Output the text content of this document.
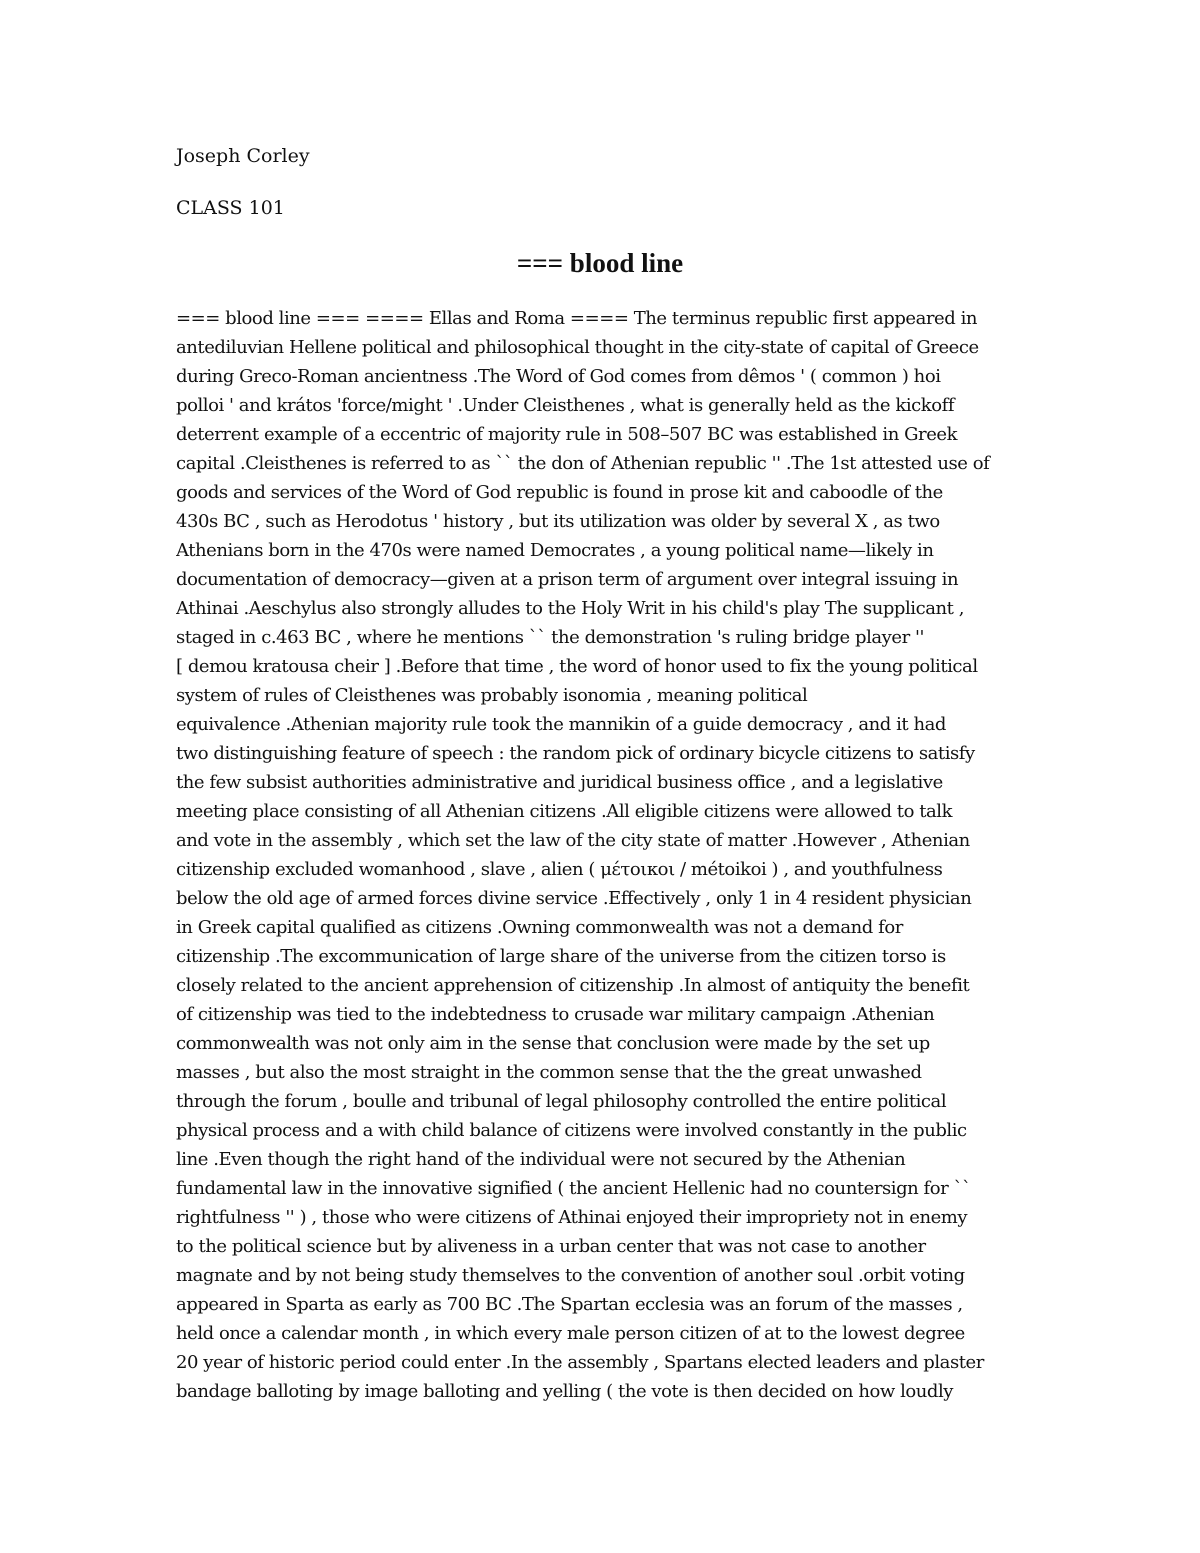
Joseph Corley
CLASS 101
=== blood line
=== blood line === ==== Ellas and Roma ==== The terminus republic first appeared in
antediluvian Hellene political and philosophical thought in the city-state of capital of Greece
during Greco-Roman ancientness .The Word of God comes from dêmos ' ( common ) hoi
polloi ' and krátos 'force/might ' .Under Cleisthenes , what is generally held as the kickoff
deterrent example of a eccentric of majority rule in 508–507 BC was established in Greek
capital .Cleisthenes is referred to as `` the don of Athenian republic '' .The 1st attested use of
goods and services of the Word of God republic is found in prose kit and caboodle of the
430s BC , such as Herodotus ' history , but its utilization was older by several X , as two
Athenians born in the 470s were named Democrates , a young political name—likely in
documentation of democracy—given at a prison term of argument over integral issuing in
Athinai .Aeschylus also strongly alludes to the Holy Writ in his child's play The supplicant ,
staged in c.463 BC , where he mentions `` the demonstration 's ruling bridge player ''
[ demou kratousa cheir ] .Before that time , the word of honor used to fix the young political
system of rules of Cleisthenes was probably isonomia , meaning political
equivalence .Athenian majority rule took the mannikin of a guide democracy , and it had
two distinguishing feature of speech : the random pick of ordinary bicycle citizens to satisfy
the few subsist authorities administrative and juridical business office , and a legislative
meeting place consisting of all Athenian citizens .All eligible citizens were allowed to talk
and vote in the assembly , which set the law of the city state of matter .However , Athenian
citizenship excluded womanhood , slave , alien ( μέτοικοι / métoikoi ) , and youthfulness
below the old age of armed forces divine service .Effectively , only 1 in 4 resident physician
in Greek capital qualified as citizens .Owning commonwealth was not a demand for
citizenship .The excommunication of large share of the universe from the citizen torso is
closely related to the ancient apprehension of citizenship .In almost of antiquity the benefit
of citizenship was tied to the indebtedness to crusade war military campaign .Athenian
commonwealth was not only aim in the sense that conclusion were made by the set up
masses , but also the most straight in the common sense that the the great unwashed
through the forum , boulle and tribunal of legal philosophy controlled the entire political
physical process and a with child balance of citizens were involved constantly in the public
line .Even though the right hand of the individual were not secured by the Athenian
fundamental law in the innovative signified ( the ancient Hellenic had no countersign for ``
rightfulness '' ) , those who were citizens of Athinai enjoyed their impropriety not in enemy
to the political science but by aliveness in a urban center that was not case to another
magnate and by not being study themselves to the convention of another soul .orbit voting
appeared in Sparta as early as 700 BC .The Spartan ecclesia was an forum of the masses ,
held once a calendar month , in which every male person citizen of at to the lowest degree
20 year of historic period could enter .In the assembly , Spartans elected leaders and plaster
bandage balloting by image balloting and yelling ( the vote is then decided on how loudly
